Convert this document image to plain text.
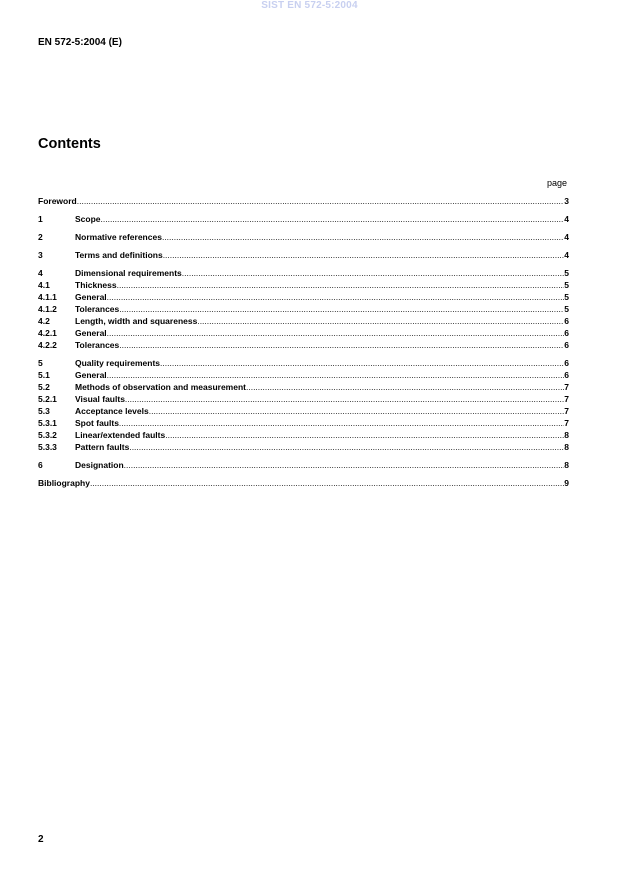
SIST EN 572-5:2004
EN 572-5:2004 (E)
Contents
page
Foreword .....	3
1	Scope .....	4
2	Normative references .....	4
3	Terms and definitions .....	4
4	Dimensional requirements .....	5
4.1	Thickness .....	5
4.1.1	General .....	5
4.1.2	Tolerances .....	5
4.2	Length, width and squareness .....	6
4.2.1	General .....	6
4.2.2	Tolerances .....	6
5	Quality requirements .....	6
5.1	General .....	6
5.2	Methods of observation and measurement .....	7
5.2.1	Visual faults .....	7
5.3	Acceptance levels .....	7
5.3.1	Spot faults .....	7
5.3.2	Linear/extended faults .....	8
5.3.3	Pattern faults .....	8
6	Designation .....	8
Bibliography .....	9
2
